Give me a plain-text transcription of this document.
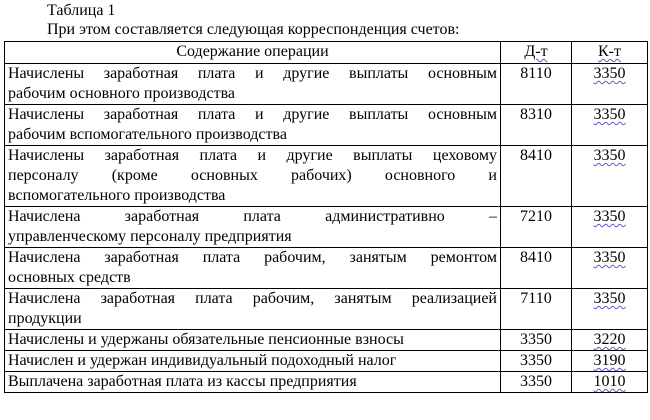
Таблица 1
При этом составляется следующая корреспонденция счетов:
Содержание операции	Д-т	К-т

Начислены заработная плата и другие выплаты основным
рабочим основного производства	8110	3350

Начислены заработная плата и другие выплаты основным
рабочим вспомогательного производства	8310	3350

Начислены заработная плата и другие выплаты цеховому
персоналу (кроме основных рабочих) основного и
вспомогательного производства	8410	3350

Начислена заработная плата административно –
управленческому персоналу предприятия	7210	3350

Начислена заработная плата рабочим, занятым ремонтом
основных средств	8410	3350

Начислена заработная плата рабочим, занятым реализацией
продукции	7110	3350

Начислены и удержаны обязательные пенсионные взносы	3350	3220

Начислен и удержан индивидуальный подоходный налог	3350	3190

Выплачена заработная плата из кассы предприятия	3350	1010
